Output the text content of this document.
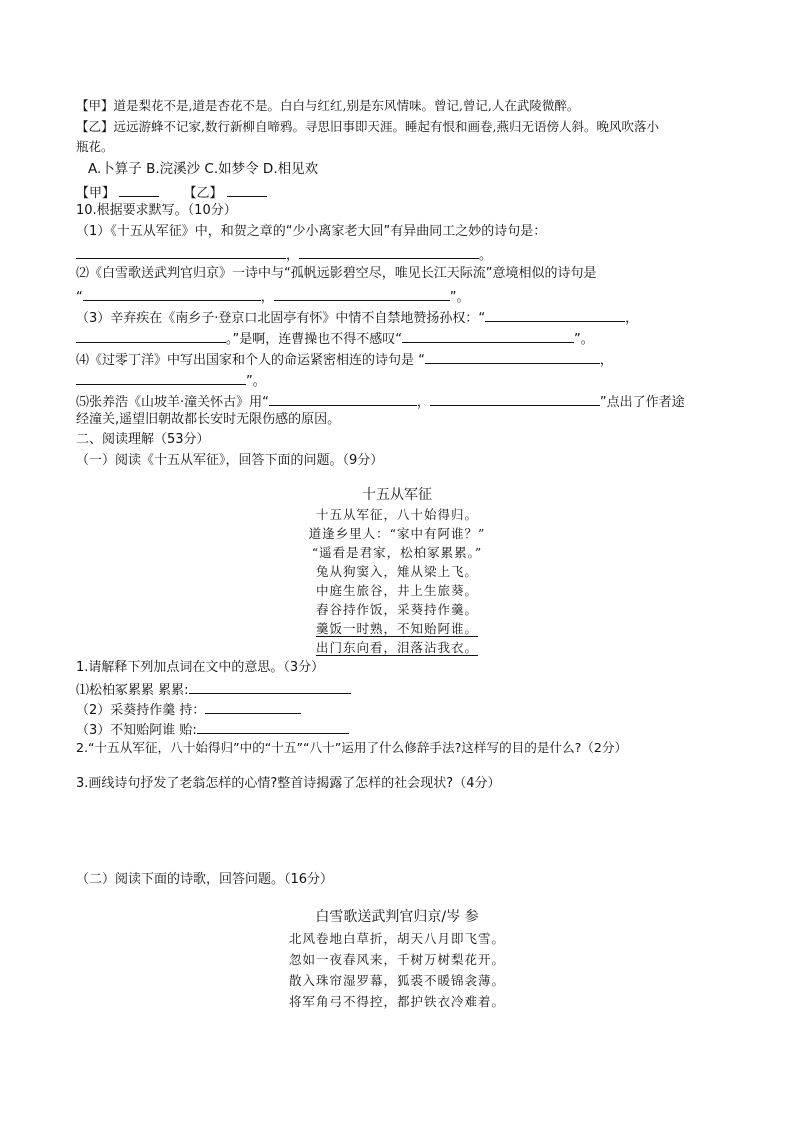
【甲】道是梨花不是,道是杏花不是。白白与红红,别是东风情味。曾记,曾记,人在武陵微醉。
【乙】远远游蜂不记家,数行新柳自啼鸦。寻思旧事即天涯。睡起有恨和画卷,燕归无语傍人斜。晚风吹落小
瓶花。
A.卜算子 B.浣溪沙 C.如梦令 D.相见欢
【甲】	【乙】
10.根据要求默写。（10分）
（1）《十五从军征》中，和贺之章的“少小离家老大回”有异曲同工之妙的诗句是：
，	。
⑵《白雪歌送武判官归京》一诗中与“孤帆远影碧空尽，唯见长江天际流”意境相似的诗句是
“	，	”。
（3）辛弃疾在《南乡子·登京口北固亭有怀》中情不自禁地赞扬孙权：“	，
。”是啊，连曹操也不得不感叹“	”。
⑷《过零丁洋》中写出国家和个人的命运紧密相连的诗句是 “	，
”。
⑸张养浩《山坡羊·潼关怀古》用“	，	”点出了作者途
经潼关,遥望旧朝故都长安时无限伤感的原因。
二、阅读理解（53分）
（一）阅读《十五从军征》，回答下面的问题。（9分）
十五从军征
十五从军征，八十始得归。
道逢乡里人：“家中有阿谁？”
“遥看是君家，松柏冢累累。”
兔从狗窦入，雉从梁上飞。
中庭生旅谷，井上生旅葵。
舂谷持作饭，采葵持作羹。
羹饭一时熟，不知贻阿谁。
出门东向看，泪落沾我衣。
1.请解释下列加点词在文中的意思。（3分）
⑴松柏冢累累 累累:
（2）采葵持作羹 持：
（3）不知贻阿谁 贻:
2.“十五从军征，八十始得归”中的“十五”“八十”运用了什么修辞手法?这样写的目的是什么?（2分）
3.画线诗句抒发了老翁怎样的心情?整首诗揭露了怎样的社会现状?（4分）
（二）阅读下面的诗歌，回答问题。（16分）
白雪歌送武判官归京/岑 参
北风卷地白草折，胡天八月即飞雪。
忽如一夜春风来，千树万树梨花开。
散入珠帘湿罗幕，狐裘不暖锦衾薄。
将军角弓不得控，都护铁衣冷难着。
